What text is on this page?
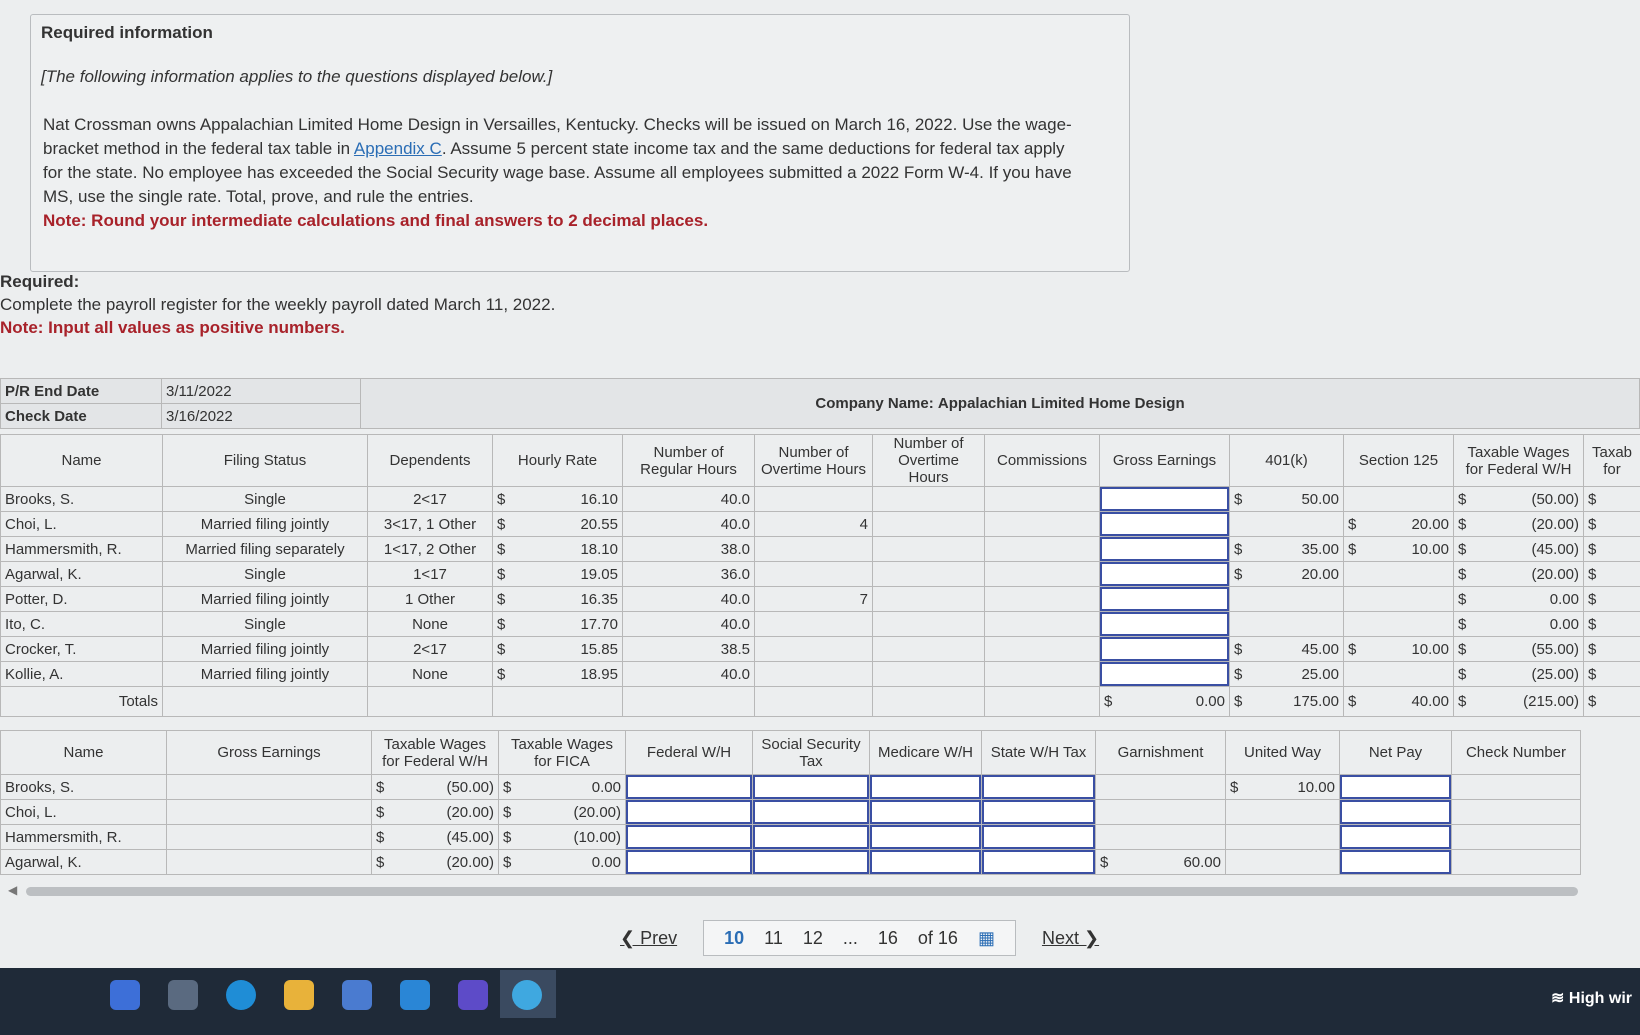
Required information
[The following information applies to the questions displayed below.]
Nat Crossman owns Appalachian Limited Home Design in Versailles, Kentucky. Checks will be issued on March 16, 2022. Use the wage-bracket method in the federal tax table in Appendix C. Assume 5 percent state income tax and the same deductions for federal tax apply for the state. No employee has exceeded the Social Security wage base. Assume all employees submitted a 2022 Form W-4. If you have MS, use the single rate. Total, prove, and rule the entries.
Note: Round your intermediate calculations and final answers to 2 decimal places.
Required:
Complete the payroll register for the weekly payroll dated March 11, 2022.
Note: Input all values as positive numbers.
P/R End Date	3/11/2022	Company Name: Appalachian Limited Home Design
Check Date	3/16/2022	
Name	Filing Status	Dependents	Hourly Rate	Number of Regular Hours	Number of Overtime Hours	Number of Overtime Hours	Commissions	Gross Earnings	401(k)	Section 125	Taxable Wages for Federal W/H	Taxab for
Brooks, S.	Single	2<17	$ 16.10	40.0					$ 50.00		$ (50.00)	$
Choi, L.	Married filing jointly	3<17, 1 Other	$ 20.55	40.0	4					$ 20.00	$ (20.00)	$
Hammersmith, R.	Married filing separately	1<17, 2 Other	$ 18.10	38.0					$ 35.00	$ 10.00	$ (45.00)	$
Agarwal, K.	Single	1<17	$ 19.05	36.0					$ 20.00		$ (20.00)	$
Potter, D.	Married filing jointly	1 Other	$ 16.35	40.0	7						$ 0.00	$
Ito, C.	Single	None	$ 17.70	40.0							$ 0.00	$
Crocker, T.	Married filing jointly	2<17	$ 15.85	38.5					$ 45.00	$ 10.00	$ (55.00)	$
Kollie, A.	Married filing jointly	None	$ 18.95	40.0					$ 25.00		$ (25.00)	$
Totals								$ 0.00	$ 175.00	$ 40.00	$ (215.00)	$
Name	Gross Earnings	Taxable Wages for Federal W/H	Taxable Wages for FICA	Federal W/H	Social Security Tax	Medicare W/H	State W/H Tax	Garnishment	United Way	Net Pay	Check Number
Brooks, S.		$ (50.00)	$ 0.00						$ 10.00	

Choi, L.		$ (20.00)	$ (20.00)	

Hammersmith, R.		$ (45.00)	$ (10.00)	

Agarwal, K.		$ (20.00)	$ 0.00					$ 60.00		

◀
❮ Prev	10 11 12 ... 16 of 16 ▦	Next ❯
≋ High wir
